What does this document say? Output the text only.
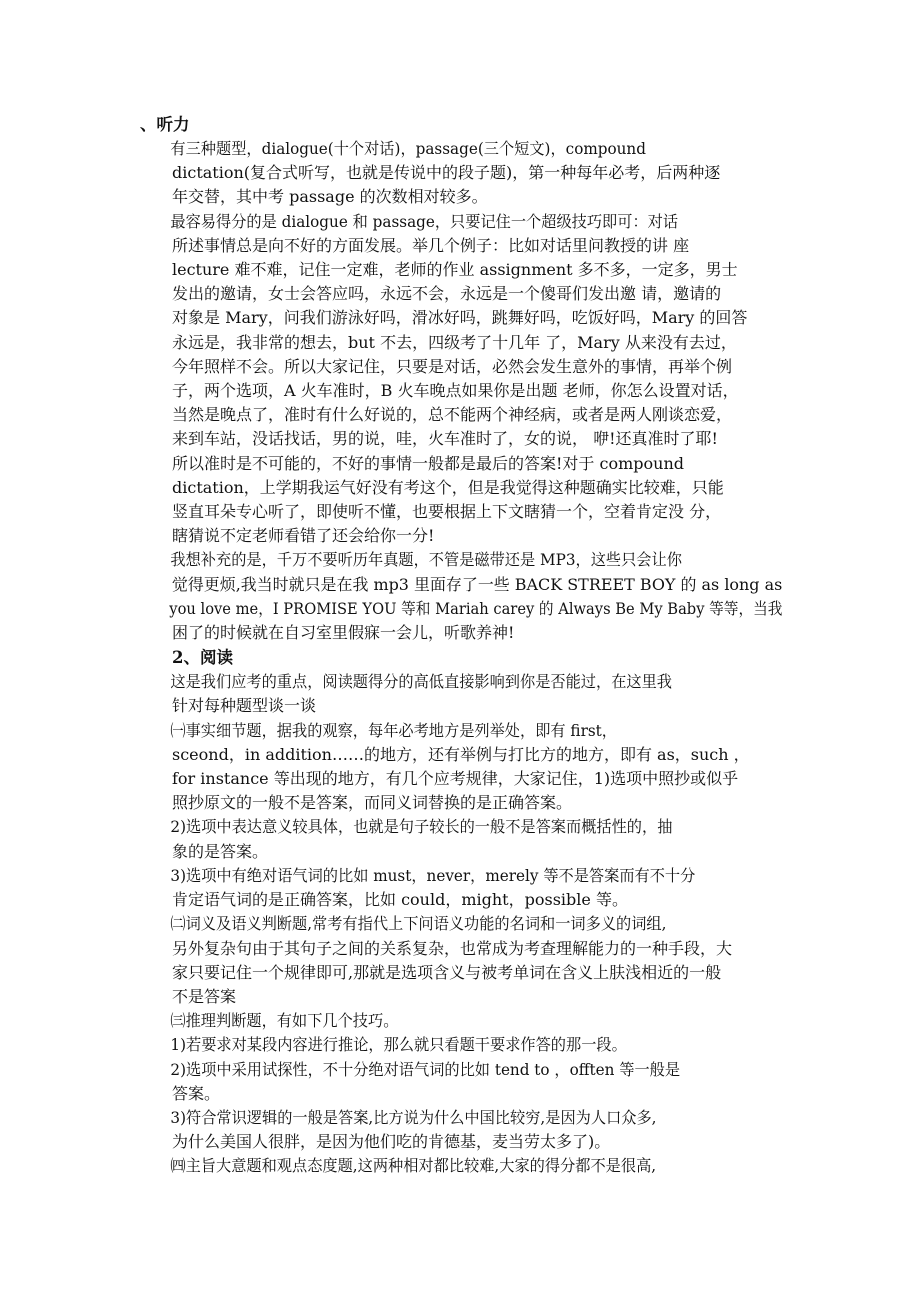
、听力
有三种题型，dialogue(十个对话)，passage(三个短文)，compound
dictation(复合式听写，也就是传说中的段子题)，第一种每年必考，后两种逐
年交替，其中考 passage 的次数相对较多。
最容易得分的是 dialogue 和 passage，只要记住一个超级技巧即可：对话
所述事情总是向不好的方面发展。举几个例子：比如对话里问教授的讲 座
lecture 难不难，记住一定难，老师的作业 assignment 多不多，一定多，男士
发出的邀请，女士会答应吗，永远不会，永远是一个傻哥们发出邀 请，邀请的
对象是 Mary，问我们游泳好吗，滑冰好吗，跳舞好吗，吃饭好吗，Mary 的回答
永远是，我非常的想去，but 不去，四级考了十几年 了，Mary 从来没有去过，
今年照样不会。所以大家记住，只要是对话，必然会发生意外的事情，再举个例
子，两个选项，A 火车准时，B 火车晚点如果你是出题 老师，你怎么设置对话，
当然是晚点了，准时有什么好说的，总不能两个神经病，或者是两人刚谈恋爱，
来到车站，没话找话，男的说，哇，火车准时了，女的说， 咿!还真准时了耶!
所以准时是不可能的，不好的事情一般都是最后的答案!对于 compound
dictation，上学期我运气好没有考这个，但是我觉得这种题确实比较难，只能
竖直耳朵专心听了，即使听不懂，也要根据上下文瞎猜一个，空着肯定没 分，
瞎猜说不定老师看错了还会给你一分!
我想补充的是，千万不要听历年真题，不管是磁带还是 MP3，这些只会让你
觉得更烦,我当时就只是在我 mp3 里面存了一些 BACK STREET BOY 的 as long as
you love me，I PROMISE YOU 等和 Mariah carey 的 Always Be My Baby 等等，当我
困了的时候就在自习室里假寐一会儿，听歌养神!
2、阅读
这是我们应考的重点，阅读题得分的高低直接影响到你是否能过，在这里我
针对每种题型谈一谈
㈠事实细节题，据我的观察，每年必考地方是列举处，即有 first，
sceond，in addition……的地方，还有举例与打比方的地方，即有 as，such ，
for instance 等出现的地方，有几个应考规律，大家记住，1)选项中照抄或似乎
照抄原文的一般不是答案，而同义词替换的是正确答案。
2)选项中表达意义较具体，也就是句子较长的一般不是答案而概括性的，抽
象的是答案。
3)选项中有绝对语气词的比如 must，never，merely 等不是答案而有不十分
肯定语气词的是正确答案，比如 could，might，possible 等。
㈡词义及语义判断题,常考有指代上下问语义功能的名词和一词多义的词组,
另外复杂句由于其句子之间的关系复杂，也常成为考查理解能力的一种手段，大
家只要记住一个规律即可,那就是选项含义与被考单词在含义上肤浅相近的一般
不是答案
㈢推理判断题，有如下几个技巧。
1)若要求对某段内容进行推论，那么就只看题干要求作答的那一段。
2)选项中采用试探性，不十分绝对语气词的比如 tend to ，offten 等一般是
答案。
3)符合常识逻辑的一般是答案,比方说为什么中国比较穷,是因为人口众多,
为什么美国人很胖，是因为他们吃的肯德基，麦当劳太多了)。
㈣主旨大意题和观点态度题,这两种相对都比较难,大家的得分都不是很高,
